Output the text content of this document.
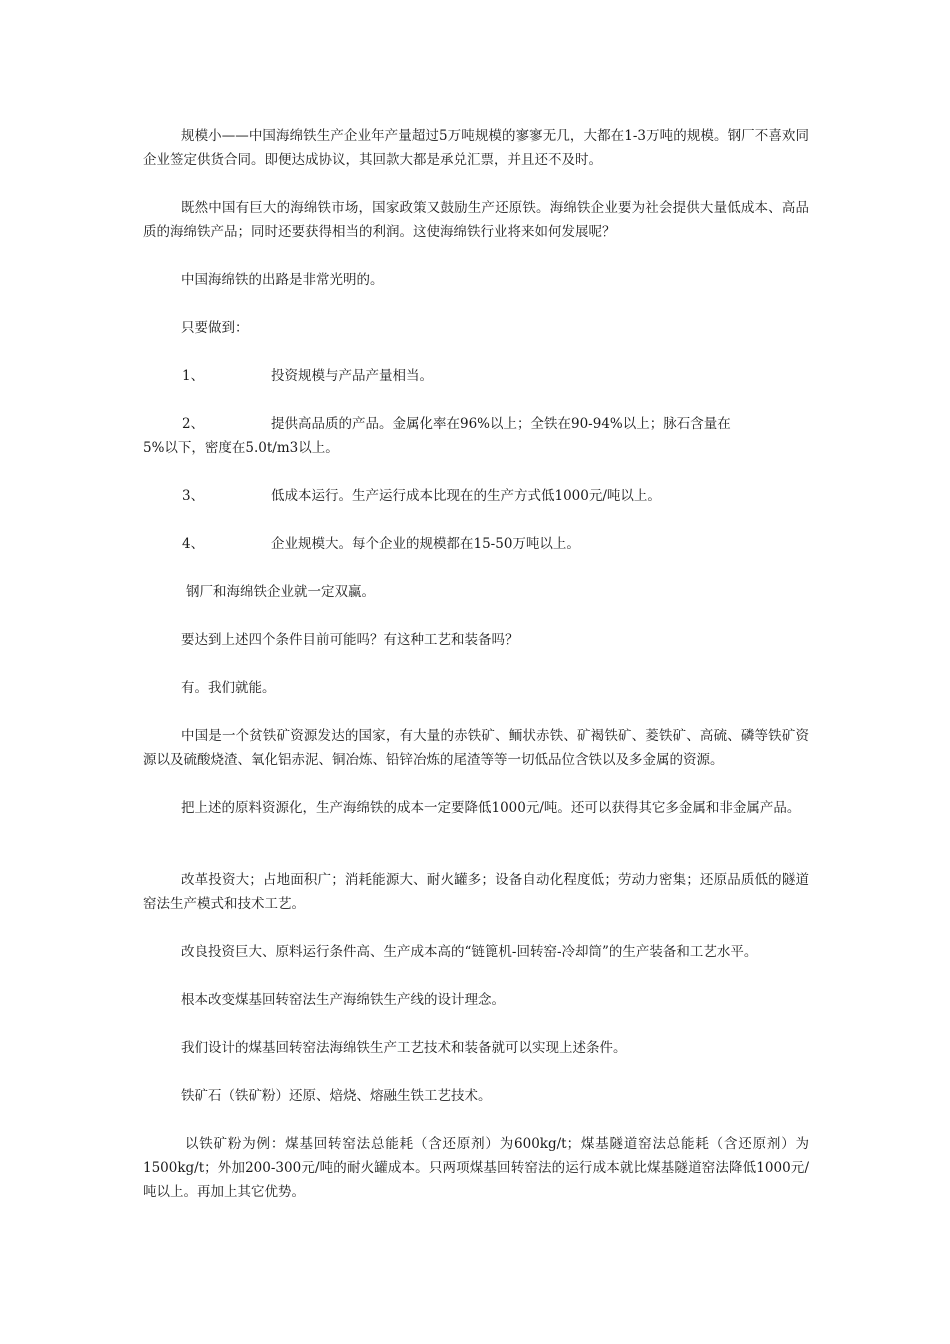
规模小——中国海绵铁生产企业年产量超过5万吨规模的寥寥无几，大都在1-3万吨的规模。钢厂不喜欢同企业签定供货合同。即便达成协议，其回款大都是承兑汇票，并且还不及时。

既然中国有巨大的海绵铁市场，国家政策又鼓励生产还原铁。海绵铁企业要为社会提供大量低成本、高品质的海绵铁产品；同时还要获得相当的利润。这使海绵铁行业将来如何发展呢？

中国海绵铁的出路是非常光明的。

只要做到：

1、	投资规模与产品产量相当。
2、	提供高品质的产品。金属化率在96%以上；全铁在90-94%以上；脉石含量在
5%以下，密度在5.0t/m3以上。
3、	低成本运行。生产运行成本比现在的生产方式低1000元/吨以上。
4、	企业规模大。每个企业的规模都在15-50万吨以上。

钢厂和海绵铁企业就一定双赢。

要达到上述四个条件目前可能吗？有这种工艺和装备吗？

有。我们就能。

中国是一个贫铁矿资源发达的国家，有大量的赤铁矿、鲕状赤铁、矿褐铁矿、菱铁矿、高硫、磷等铁矿资源以及硫酸烧渣、氧化铝赤泥、铜冶炼、铅锌冶炼的尾渣等等一切低品位含铁以及多金属的资源。

把上述的原料资源化，生产海绵铁的成本一定要降低1000元/吨。还可以获得其它多金属和非金属产品。

改革投资大；占地面积广；消耗能源大、耐火罐多；设备自动化程度低；劳动力密集；还原品质低的隧道窑法生产模式和技术工艺。

改良投资巨大、原料运行条件高、生产成本高的“链篦机-回转窑-冷却筒”的生产装备和工艺水平。

根本改变煤基回转窑法生产海绵铁生产线的设计理念。

我们设计的煤基回转窑法海绵铁生产工艺技术和装备就可以实现上述条件。

铁矿石（铁矿粉）还原、焙烧、熔融生铁工艺技术。

以铁矿粉为例：煤基回转窑法总能耗（含还原剂）为600kg/t；煤基隧道窑法总能耗（含还原剂）为1500kg/t；外加200-300元/吨的耐火罐成本。只两项煤基回转窑法的运行成本就比煤基隧道窑法降低1000元/吨以上。再加上其它优势。
